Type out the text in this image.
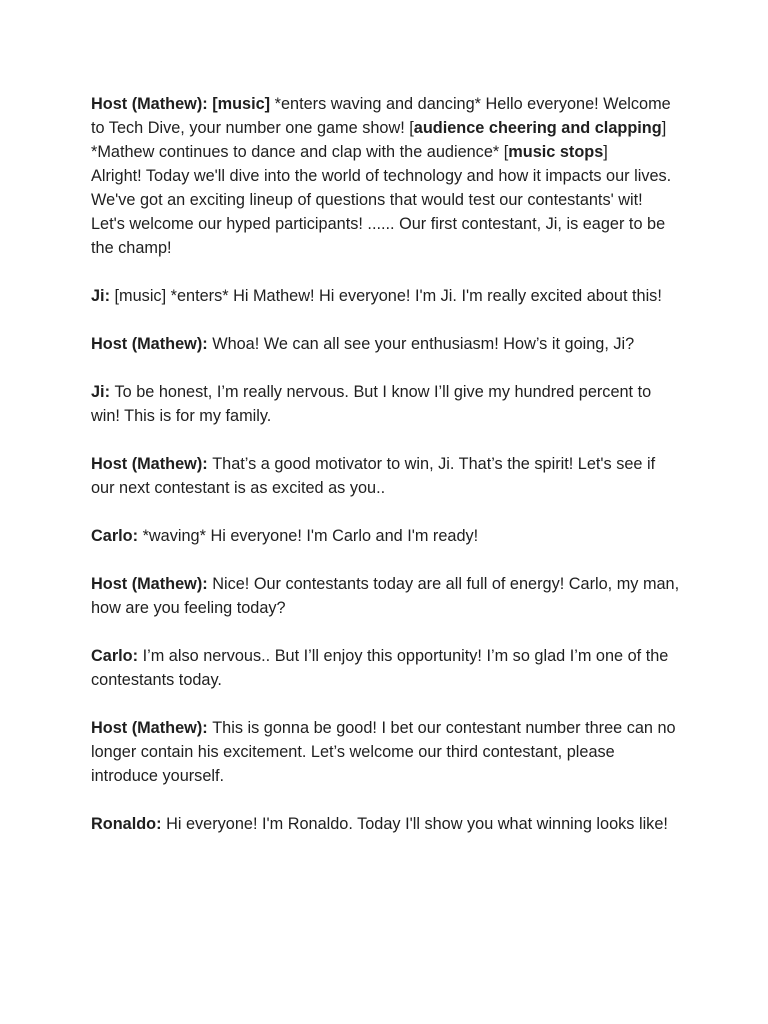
Host (Mathew): [music] *enters waving and dancing* Hello everyone! Welcome to Tech Dive, your number one game show! [audience cheering and clapping] *Mathew continues to dance and clap with the audience* [music stops]
Alright! Today we'll dive into the world of technology and how it impacts our lives. We've got an exciting lineup of questions that would test our contestants' wit! Let's welcome our hyped participants! ...... Our first contestant, Ji, is eager to be the champ!
Ji: [music] *enters* Hi Mathew! Hi everyone! I'm Ji. I'm really excited about this!
Host (Mathew): Whoa! We can all see your enthusiasm! How’s it going, Ji?
Ji: To be honest, I’m really nervous. But I know I’ll give my hundred percent to win! This is for my family.
Host (Mathew): That’s a good motivator to win, Ji. That’s the spirit! Let's see if our next contestant is as excited as you..
Carlo: *waving* Hi everyone! I'm Carlo and I'm ready!
Host (Mathew): Nice! Our contestants today are all full of energy! Carlo, my man, how are you feeling today?
Carlo: I’m also nervous.. But I’ll enjoy this opportunity! I’m so glad I’m one of the contestants today.
Host (Mathew): This is gonna be good! I bet our contestant number three can no longer contain his excitement. Let’s welcome our third contestant, please introduce yourself.
Ronaldo: Hi everyone! I'm Ronaldo. Today I'll show you what winning looks like!
